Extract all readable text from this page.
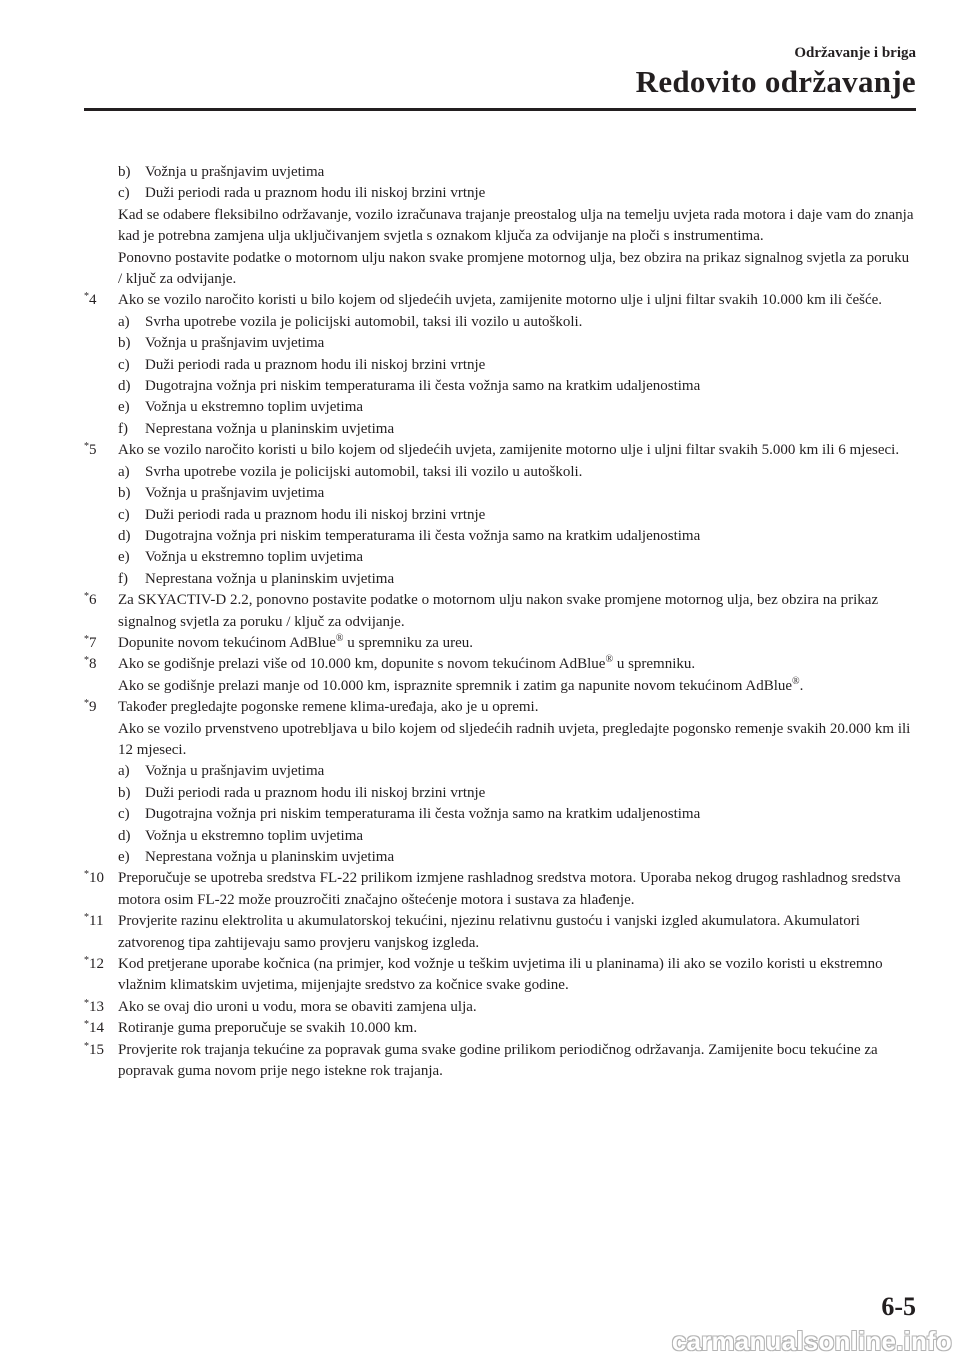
Održavanje i briga
Redovito održavanje
b) Vožnja u prašnjavim uvjetima
c) Duži periodi rada u praznom hodu ili niskoj brzini vrtnje
Kad se odabere fleksibilno održavanje, vozilo izračunava trajanje preostalog ulja na temelju uvjeta rada motora i daje vam do znanja kad je potrebna zamjena ulja uključivanjem svjetla s oznakom ključa za odvijanje na ploči s instrumentima.
Ponovno postavite podatke o motornom ulju nakon svake promjene motornog ulja, bez obzira na prikaz signalnog svjetla za poruku / ključ za odvijanje.
*4 Ako se vozilo naročito koristi u bilo kojem od sljedećih uvjeta, zamijenite motorno ulje i uljni filtar svakih 10.000 km ili češće.
a) Svrha upotrebe vozila je policijski automobil, taksi ili vozilo u autoškoli.
b) Vožnja u prašnjavim uvjetima
c) Duži periodi rada u praznom hodu ili niskoj brzini vrtnje
d) Dugotrajna vožnja pri niskim temperaturama ili česta vožnja samo na kratkim udaljenostima
e) Vožnja u ekstremno toplim uvjetima
f) Neprestana vožnja u planinskim uvjetima
*5 Ako se vozilo naročito koristi u bilo kojem od sljedećih uvjeta, zamijenite motorno ulje i uljni filtar svakih 5.000 km ili 6 mjeseci.
a) Svrha upotrebe vozila je policijski automobil, taksi ili vozilo u autoškoli.
b) Vožnja u prašnjavim uvjetima
c) Duži periodi rada u praznom hodu ili niskoj brzini vrtnje
d) Dugotrajna vožnja pri niskim temperaturama ili česta vožnja samo na kratkim udaljenostima
e) Vožnja u ekstremno toplim uvjetima
f) Neprestana vožnja u planinskim uvjetima
*6 Za SKYACTIV-D 2.2, ponovno postavite podatke o motornom ulju nakon svake promjene motornog ulja, bez obzira na prikaz signalnog svjetla za poruku / ključ za odvijanje.
*7 Dopunite novom tekućinom AdBlue® u spremniku za ureu.
*8 Ako se godišnje prelazi više od 10.000 km, dopunite s novom tekućinom AdBlue® u spremniku.
Ako se godišnje prelazi manje od 10.000 km, ispraznite spremnik i zatim ga napunite novom tekućinom AdBlue®.
*9 Također pregledajte pogonske remene klima-uređaja, ako je u opremi.
Ako se vozilo prvenstveno upotrebljava u bilo kojem od sljedećih radnih uvjeta, pregledajte pogonsko remenje svakih 20.000 km ili 12 mjeseci.
a) Vožnja u prašnjavim uvjetima
b) Duži periodi rada u praznom hodu ili niskoj brzini vrtnje
c) Dugotrajna vožnja pri niskim temperaturama ili česta vožnja samo na kratkim udaljenostima
d) Vožnja u ekstremno toplim uvjetima
e) Neprestana vožnja u planinskim uvjetima
*10 Preporučuje se upotreba sredstva FL-22 prilikom izmjene rashladnog sredstva motora. Uporaba nekog drugog rashladnog sredstva motora osim FL-22 može prouzročiti značajno oštećenje motora i sustava za hlađenje.
*11 Provjerite razinu elektrolita u akumulatorskoj tekućini, njezinu relativnu gustoću i vanjski izgled akumulatora. Akumulatori zatvorenog tipa zahtijevaju samo provjeru vanjskog izgleda.
*12 Kod pretjerane uporabe kočnica (na primjer, kod vožnje u teškim uvjetima ili u planinama) ili ako se vozilo koristi u ekstremno vlažnim klimatskim uvjetima, mijenjajte sredstvo za kočnice svake godine.
*13 Ako se ovaj dio uroni u vodu, mora se obaviti zamjena ulja.
*14 Rotiranje guma preporučuje se svakih 10.000 km.
*15 Provjerite rok trajanja tekućine za popravak guma svake godine prilikom periodičnog održavanja. Zamijenite bocu tekućine za popravak guma novom prije nego istekne rok trajanja.
6-5
carmanualsonline.info
